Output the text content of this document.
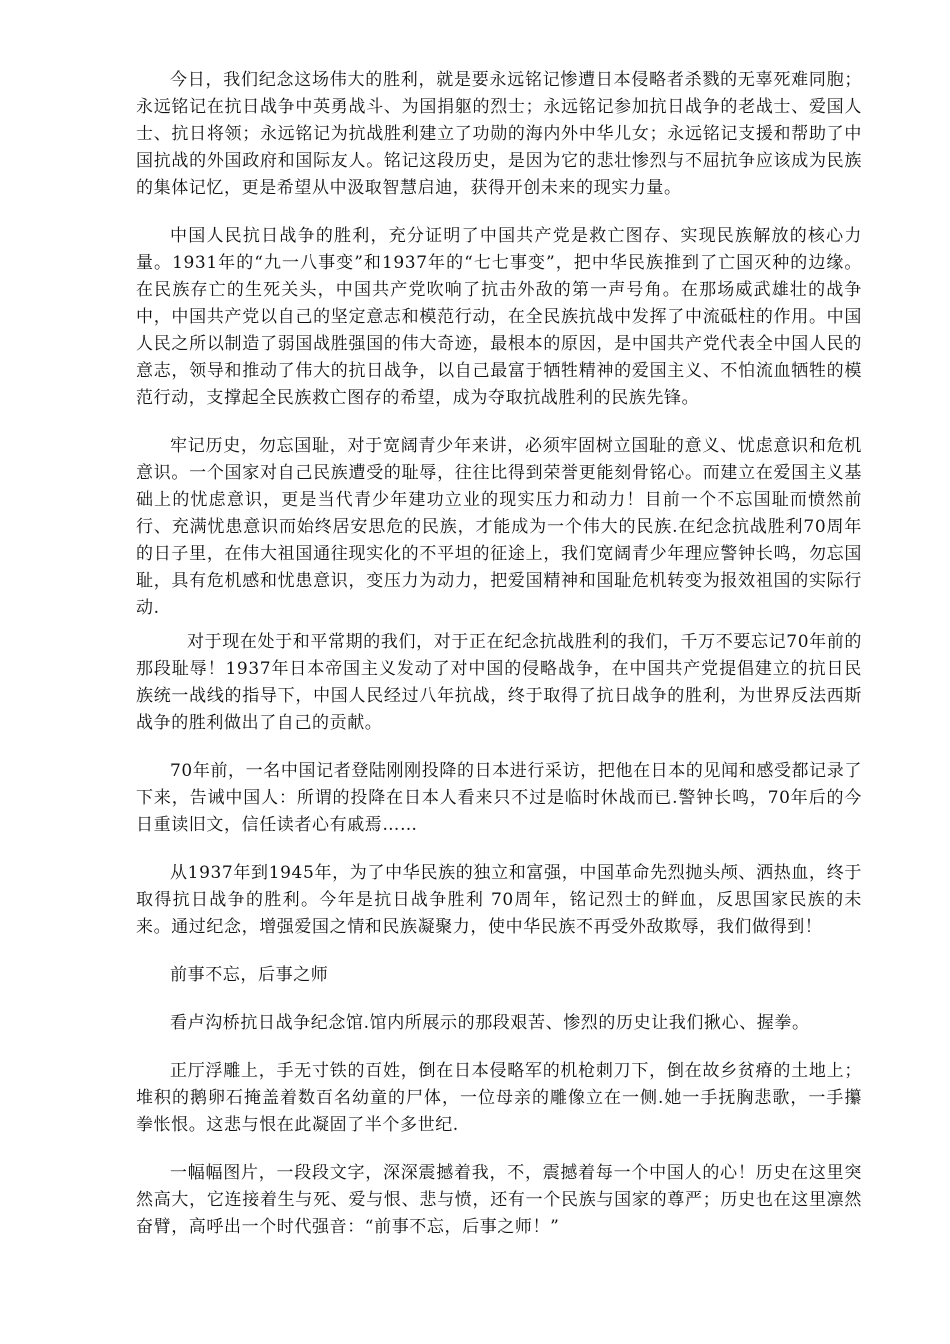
今日，我们纪念这场伟大的胜利，就是要永远铭记惨遭日本侵略者杀戮的无辜死难同胞；永远铭记在抗日战争中英勇战斗、为国捐躯的烈士；永远铭记参加抗日战争的老战士、爱国人士、抗日将领；永远铭记为抗战胜利建立了功勋的海内外中华儿女；永远铭记支援和帮助了中国抗战的外国政府和国际友人。铭记这段历史，是因为它的悲壮惨烈与不屈抗争应该成为民族的集体记忆，更是希望从中汲取智慧启迪，获得开创未来的现实力量。

中国人民抗日战争的胜利，充分证明了中国共产党是救亡图存、实现民族解放的核心力量。1931年的“九一八事变”和1937年的“七七事变”，把中华民族推到了亡国灭种的边缘。在民族存亡的生死关头，中国共产党吹响了抗击外敌的第一声号角。在那场威武雄壮的战争中，中国共产党以自己的坚定意志和模范行动，在全民族抗战中发挥了中流砥柱的作用。中国人民之所以制造了弱国战胜强国的伟大奇迹，最根本的原因，是中国共产党代表全中国人民的意志，领导和推动了伟大的抗日战争，以自己最富于牺牲精神的爱国主义、不怕流血牺牲的模范行动，支撑起全民族救亡图存的希望，成为夺取抗战胜利的民族先锋。

牢记历史，勿忘国耻，对于宽阔青少年来讲，必须牢固树立国耻的意义、忧虑意识和危机意识。一个国家对自己民族遭受的耻辱，往往比得到荣誉更能刻骨铭心。而建立在爱国主义基础上的忧虑意识，更是当代青少年建功立业的现实压力和动力！目前一个不忘国耻而愤然前行、充满忧患意识而始终居安思危的民族，才能成为一个伟大的民族.在纪念抗战胜利70周年的日子里，在伟大祖国通往现实化的不平坦的征途上，我们宽阔青少年理应警钟长鸣，勿忘国耻，具有危机感和忧患意识，变压力为动力，把爱国精神和国耻危机转变为报效祖国的实际行动.

对于现在处于和平常期的我们，对于正在纪念抗战胜利的我们，千万不要忘记70年前的那段耻辱！1937年日本帝国主义发动了对中国的侵略战争，在中国共产党提倡建立的抗日民族统一战线的指导下，中国人民经过八年抗战，终于取得了抗日战争的胜利，为世界反法西斯战争的胜利做出了自己的贡献。

70年前，一名中国记者登陆刚刚投降的日本进行采访，把他在日本的见闻和感受都记录了下来，告诫中国人：所谓的投降在日本人看来只不过是临时休战而已.警钟长鸣，70年后的今日重读旧文，信任读者心有戚焉……

从1937年到1945年，为了中华民族的独立和富强，中国革命先烈抛头颅、洒热血，终于取得抗日战争的胜利。今年是抗日战争胜利 70周年，铭记烈士的鲜血，反思国家民族的未来。通过纪念，增强爱国之情和民族凝聚力，使中华民族不再受外敌欺辱，我们做得到！

前事不忘，后事之师

看卢沟桥抗日战争纪念馆.馆内所展示的那段艰苦、惨烈的历史让我们揪心、握拳。

正厅浮雕上，手无寸铁的百姓，倒在日本侵略军的机枪刺刀下，倒在故乡贫瘠的土地上；堆积的鹅卵石掩盖着数百名幼童的尸体，一位母亲的雕像立在一侧.她一手抚胸悲歌，一手攥拳怅恨。这悲与恨在此凝固了半个多世纪.

一幅幅图片，一段段文字，深深震撼着我，不，震撼着每一个中国人的心！历史在这里突然高大，它连接着生与死、爱与恨、悲与愤，还有一个民族与国家的尊严；历史也在这里凛然奋臂，高呼出一个时代强音：“前事不忘，后事之师！”
